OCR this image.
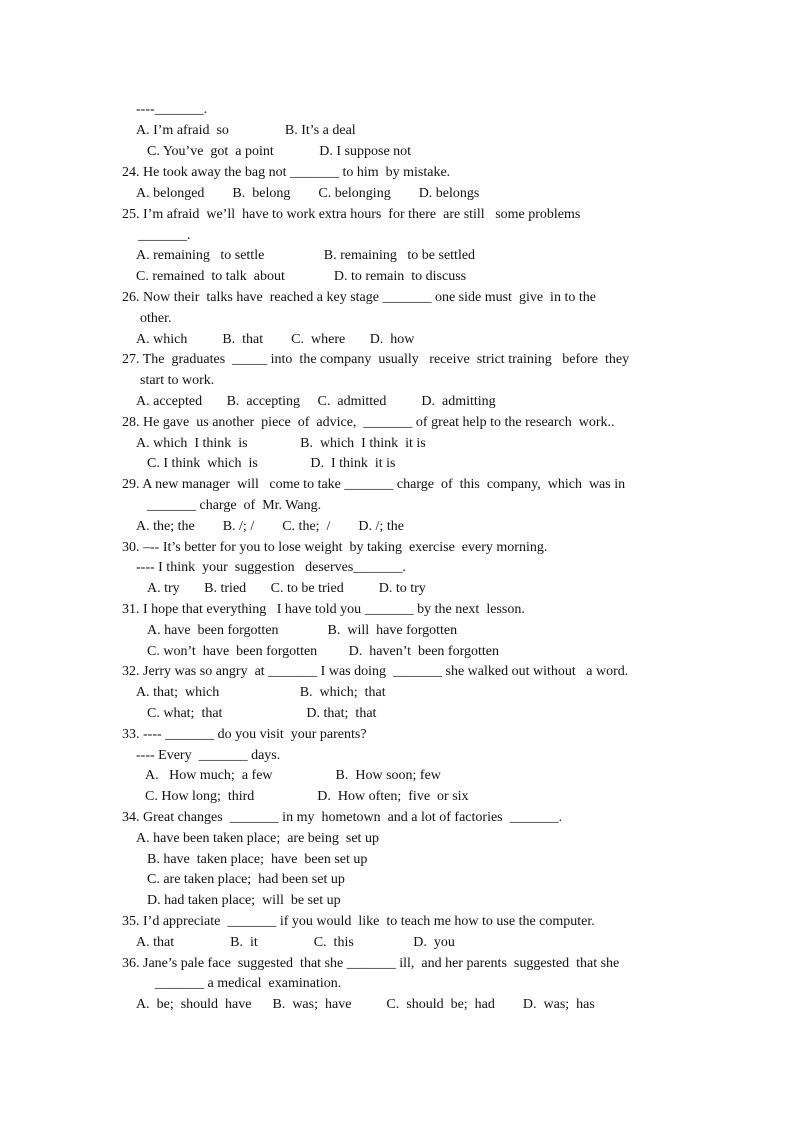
----_______.
A. I’m afraid  so                B. It’s a deal
C. You’ve  got  a point             D. I suppose not
24. He took away the bag not _______ to him  by mistake.
A. belonged        B.  belong        C. belonging        D. belongs
25. I’m afraid  we’ll  have to work extra hours  for there  are still   some problems
_______.
A. remaining   to settle                 B. remaining   to be settled
C. remained  to talk  about              D. to remain  to discuss
26. Now their  talks have  reached a key stage _______ one side must  give  in to the
other.
A. which          B.  that        C.  where       D.  how
27. The  graduates  _____ into  the company  usually   receive  strict training   before  they
start to work.
A. accepted       B.  accepting     C.  admitted          D.  admitting
28. He gave  us another  piece  of  advice,  _______ of great help to the research  work..
A. which  I think  is               B.  which  I think  it is
C. I think  which  is               D.  I think  it is
29. A new manager  will   come to take _______ charge  of  this  company,  which  was in
_______ charge  of  Mr. Wang.
A. the; the        B. /; /        C. the;  /        D. /; the
30. –-- It’s better for you to lose weight  by taking  exercise  every morning.
---- I think  your  suggestion   deserves_______.
A. try       B. tried       C. to be tried          D. to try
31. I hope that everything   I have told you _______ by the next  lesson.
A. have  been forgotten              B.  will  have forgotten
C. won’t  have  been forgotten         D.  haven’t  been forgotten
32. Jerry was so angry  at _______ I was doing  _______ she walked out without   a word.
A. that;  which                       B.  which;  that
C. what;  that                        D. that;  that
33. ---- _______ do you visit  your parents?
---- Every  _______ days.
A.   How much;  a few                  B.  How soon; few
C. How long;  third                  D.  How often;  five  or six
34. Great changes  _______ in my  hometown  and a lot of factories  _______.
A. have been taken place;  are being  set up
B. have  taken place;  have  been set up
C. are taken place;  had been set up
D. had taken place;  will  be set up
35. I’d appreciate  _______ if you would  like  to teach me how to use the computer.
A. that                B.  it                C.  this                 D.  you
36. Jane’s pale face  suggested  that she _______ ill,  and her parents  suggested  that she
_______ a medical  examination.
A.  be;  should  have      B.  was;  have          C.  should  be;  had        D.  was;  has
